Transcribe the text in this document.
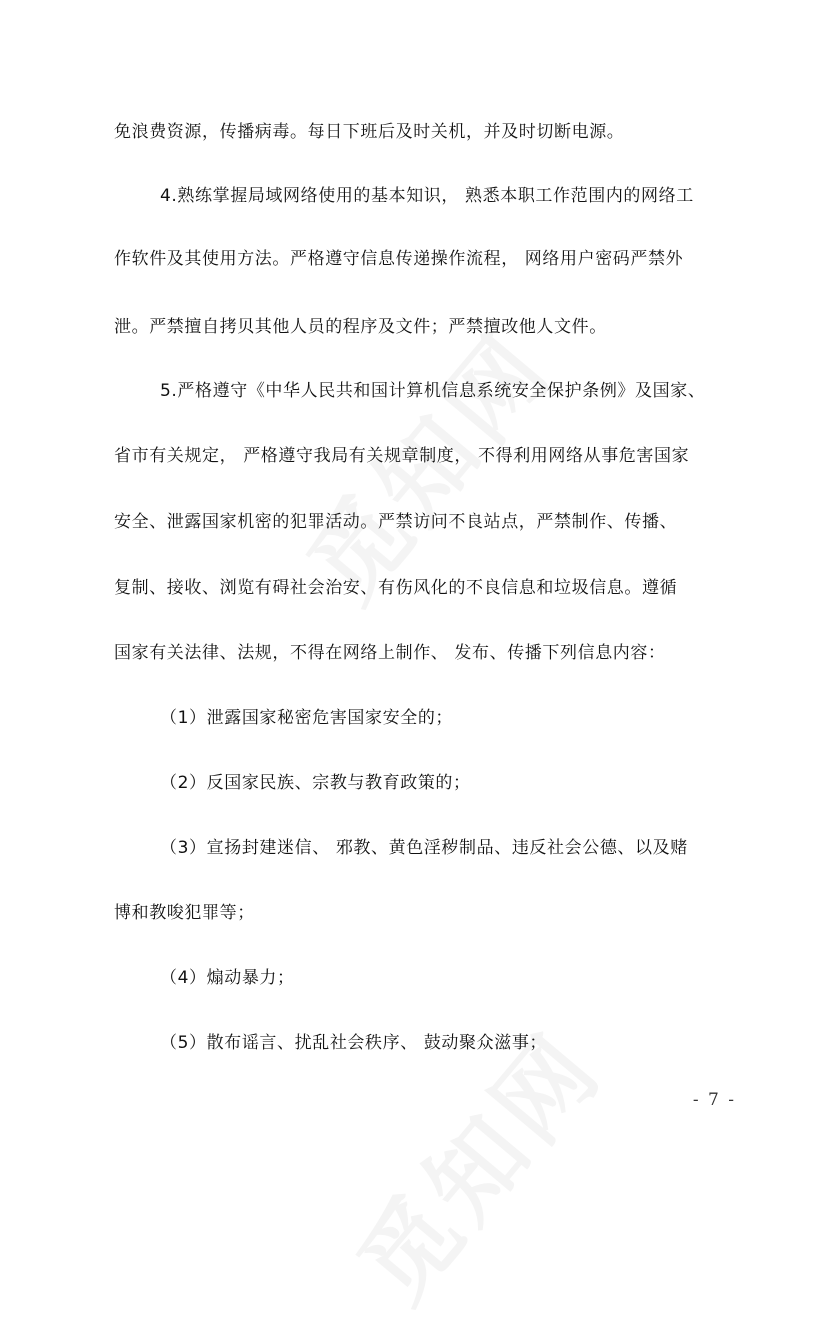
免浪费资源，传播病毒。每日下班后及时关机，并及时切断电源。
4.熟练掌握局域网络使用的基本知识， 熟悉本职工作范围内的网络工
作软件及其使用方法。严格遵守信息传递操作流程， 网络用户密码严禁外
泄。严禁擅自拷贝其他人员的程序及文件；严禁擅改他人文件。
5.严格遵守《中华人民共和国计算机信息系统安全保护条例》及国家、
省市有关规定， 严格遵守我局有关规章制度， 不得利用网络从事危害国家
安全、泄露国家机密的犯罪活动。严禁访问不良站点，严禁制作、传播、
复制、接收、浏览有碍社会治安、有伤风化的不良信息和垃圾信息。遵循
国家有关法律、法规，不得在网络上制作、 发布、传播下列信息内容：
（1）泄露国家秘密危害国家安全的；
（2）反国家民族、宗教与教育政策的；
（3）宣扬封建迷信、 邪教、黄色淫秽制品、违反社会公德、以及赌
博和教唆犯罪等；
（4）煽动暴力；
（5）散布谣言、扰乱社会秩序、 鼓动聚众滋事；
- 7 -
